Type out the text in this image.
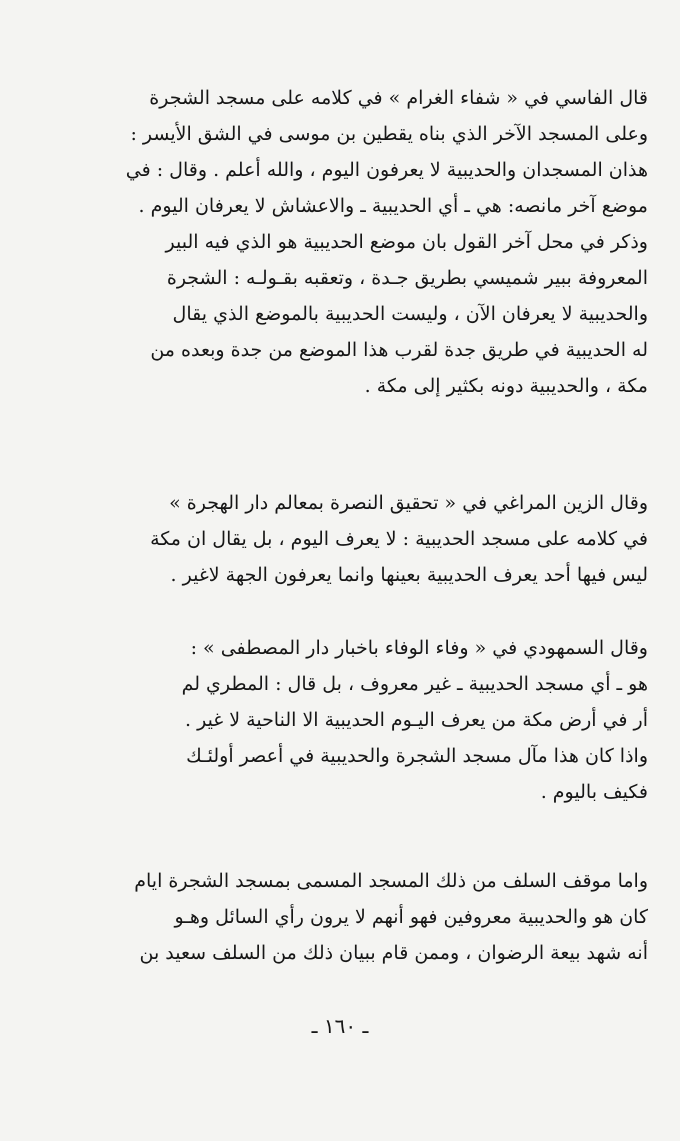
قال الفاسي في « شفاء الغرام » في كلامه على مسجد الشجرة
وعلى المسجد الآخر الذي بناه يقطين بن موسى في الشق الأيسر :
هذان المسجدان والحديبية لا يعرفون اليوم ، والله أعلم . وقال : في
موضع آخر مانصه: هي ـ أي الحديبية ـ والاعشاش لا يعرفان اليوم .
وذكر في محل آخر القول بان موضع الحديبية هو الذي فيه البير
المعروفة ببير شميسي بطريق جـدة ، وتعقبه بقـولـه : الشجرة
والحديبية لا يعرفان الآن ، وليست الحديبية بالموضع الذي يقال
له الحديبية في طريق جدة لقرب هذا الموضع من جدة وبعده من
مكة ، والحديبية دونه بكثير إلى مكة .
وقال الزين المراغي في « تحقيق النصرة بمعالم دار الهجرة »
في كلامه على مسجد الحديبية : لا يعرف اليوم ، بل يقال ان مكة
ليس فيها أحد يعرف الحديبية بعينها وانما يعرفون الجهة لاغير .
وقال السمهودي في « وفاء الوفاء باخبار دار المصطفى » :
هو ـ أي مسجد الحديبية ـ غير معروف ، بل قال : المطري لم
أر في أرض مكة من يعرف اليـوم الحديبية الا الناحية لا غير .
واذا كان هذا مآل مسجد الشجرة والحديبية في أعصر أولئـك
فكيف باليوم .
واما موقف السلف من ذلك المسجد المسمى بمسجد الشجرة ايام
كان هو والحديبية معروفين فهو أنهم لا يرون رأي السائل وهـو
أنه شهد بيعة الرضوان ، وممن قام ببيان ذلك من السلف سعيد بن
ـ ١٦٠ ـ
